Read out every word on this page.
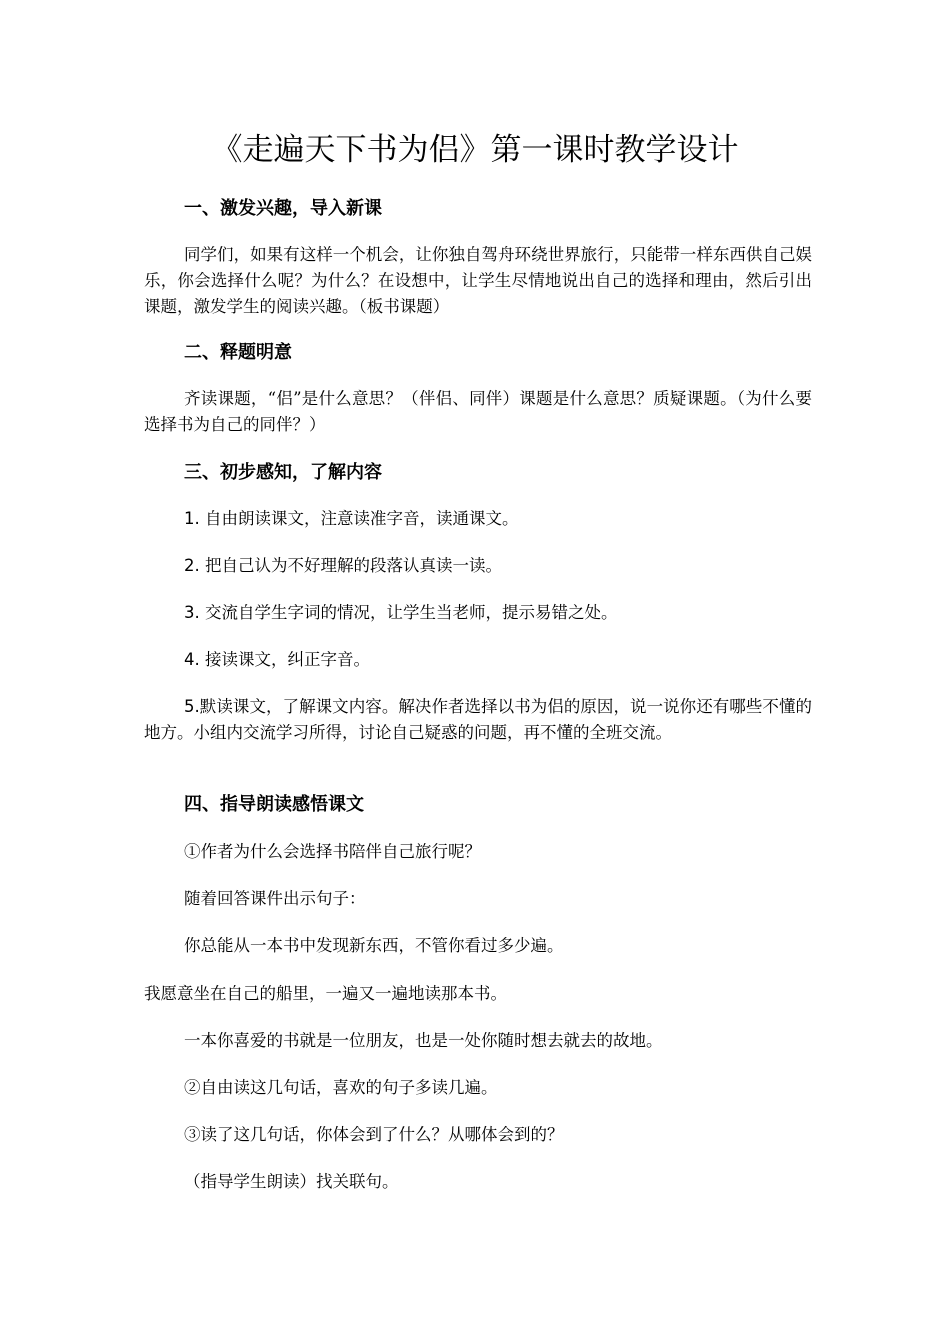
《走遍天下书为侣》第一课时教学设计
一、激发兴趣，导入新课
同学们，如果有这样一个机会，让你独自驾舟环绕世界旅行，只能带一样东西供自己娱乐，你会选择什么呢？为什么？在设想中，让学生尽情地说出自己的选择和理由，然后引出课题，激发学生的阅读兴趣。（板书课题）
二、释题明意
齐读课题，“侣”是什么意思？（伴侣、同伴）课题是什么意思？质疑课题。（为什么要选择书为自己的同伴？）
三、初步感知，了解内容
1. 自由朗读课文，注意读准字音，读通课文。
2. 把自己认为不好理解的段落认真读一读。
3. 交流自学生字词的情况，让学生当老师，提示易错之处。
4. 接读课文，纠正字音。
5.默读课文，了解课文内容。解决作者选择以书为侣的原因，说一说你还有哪些不懂的地方。小组内交流学习所得，讨论自己疑惑的问题，再不懂的全班交流。
四、指导朗读感悟课文
①作者为什么会选择书陪伴自己旅行呢？
随着回答课件出示句子：
你总能从一本书中发现新东西，不管你看过多少遍。
我愿意坐在自己的船里，一遍又一遍地读那本书。
一本你喜爱的书就是一位朋友，也是一处你随时想去就去的故地。
②自由读这几句话，喜欢的句子多读几遍。
③读了这几句话，你体会到了什么？从哪体会到的？
（指导学生朗读）找关联句。
